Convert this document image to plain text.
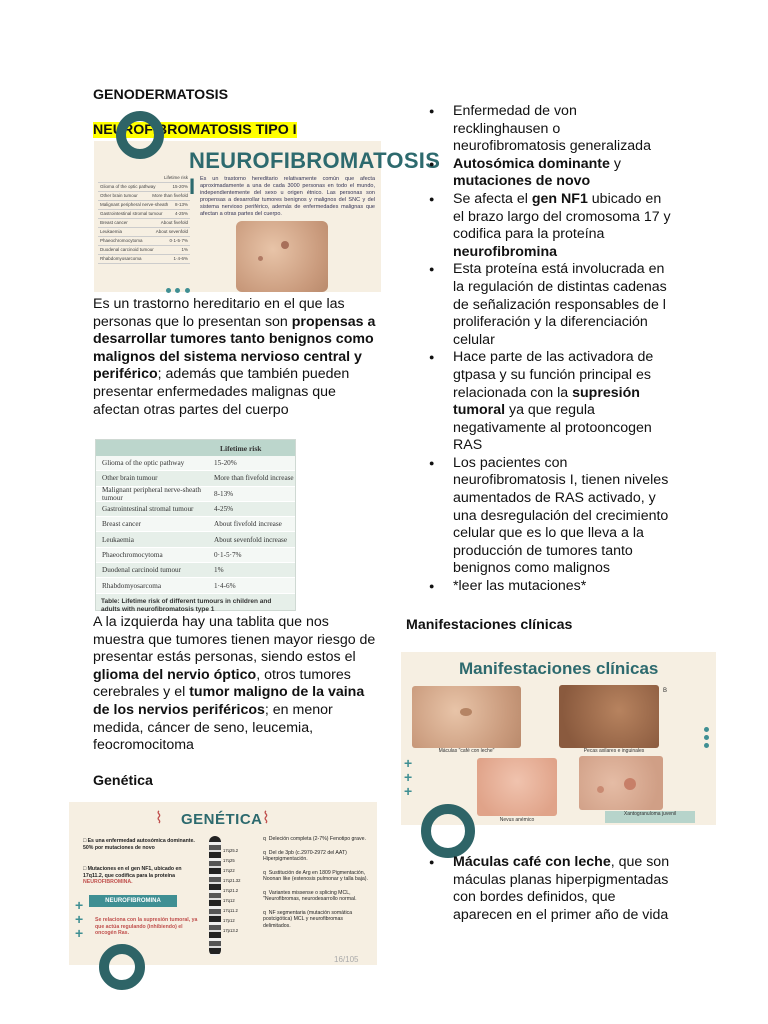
GENODERMATOSIS
NEUROFIBROMATOSIS TIPO I
NEUROFIBROMATOSIS I
Lifetime risk
Glioma of the optic pathway	15-20%
Other brain tumour	More than fivefold
Malignant peripheral nerve-sheath 8-13%
Gastrointestinal stromal tumour	4-25%
Breast cancer	About fivefold
Leukaemia	About sevenfold
Phaeochromocytoma	0·1-5·7%
Duodenal carcinoid tumour	1%
Rhabdomyosarcoma	1·4-6%
Es un trastorno hereditario relativamente común que afecta aproximadamente a una de cada 3000 personas en todo el mundo, independientemente del sexo u origen étnico. Las personas son propensas a desarrollar tumores benignos y malignos del SNC y del sistema nervioso periférico, además de enfermedades malignas que afectan a otras partes del cuerpo.

Es un trastorno hereditario en el que las personas que lo presentan son propensas a desarrollar tumores tanto benignos como malignos del sistema nervioso central y periférico; además que también pueden presentar enfermedades malignas que afectan otras partes del cuerpo
Lifetime risk
Glioma of the optic pathway	15-20%
Other brain tumour	More than fivefold increase
Malignant peripheral nerve-sheath tumour
8-13%
Gastrointestinal stromal tumour	4-25%
Breast cancer	About fivefold increase
Leukaemia	About sevenfold increase
Phaeochromocytoma	0·1-5·7%
Duodenal carcinoid tumour	1%
Rhabdomyosarcoma	1·4-6%
Table: Lifetime risk of different tumours in children and adults with neurofibromatosis type 1
A la izquierda hay una tablita que nos muestra que tumores tienen mayor riesgo de presentar estás personas, siendo estos el glioma del nervio óptico, otros tumores cerebrales y el tumor maligno de la vaina de los nervios periféricos; en menor medida, cáncer de seno, leucemia, feocromocitoma
Genética
GENÉTICA
⌇	⌇
□ Es una enfermedad autosómica dominante. 50% por mutaciones de novo
□ Mutaciones en el gen NF1, ubicado en 17q11.2, que codifica para la proteína NEUROFIBROMINA.
NEUROFIBROMINA
Se relaciona con la supresión tumoral, ya que actúa regulando (inhibiendo) el oncogén Ras.
+
+
+
17q25.2
17q25
17q22
17q21.32
17q21.2
17q12
17q11.2
17p12
17p13.2
q  Deleción completa (2-7%) Fenotipo grave.
q  Del de 3pb (c.2970-2972 del AAT) Hiperpigmentación.
q  Sustitución de Arg en 1809 Pigmentación, Noonan like (estenosis pulmonar y talla baja).
q  Variantes missense o splicing MCL, "Neurofibromas, neurodesarrollo normal.
q  NF segmentaria (mutación somática postcigótica) MCL y neurofibromas delimitados.
16/105
● Enfermedad de von recklinghausen o neurofibromatosis generalizada
● Autosómica dominante y mutaciones de novo
● Se afecta el gen NF1 ubicado en el brazo largo del cromosoma 17 y codifica para la proteína neurofibromina
● Esta proteína está involucrada en la regulación de distintas cadenas de señalización responsables de l proliferación y la diferenciación celular
● Hace parte de las activadora de gtpasa y su función principal es relacionada con la supresión tumoral ya que regula negativamente al protooncogen RAS
● Los pacientes con neurofibromatosis I, tienen niveles aumentados de RAS activado, y una desregulación del crecimiento celular que es lo que lleva a la producción de tumores tanto benignos como malignos
● *leer las mutaciones*
Manifestaciones clínicas
Manifestaciones clínicas
Máculas "café con leche"
B
Pecas axilares e inguinales
Nevus anémico
Xantogranuloma juvenil
+
+
+
● Máculas café con leche, que son máculas planas hiperpigmentadas con bordes definidos, que aparecen en el primer año de vida
